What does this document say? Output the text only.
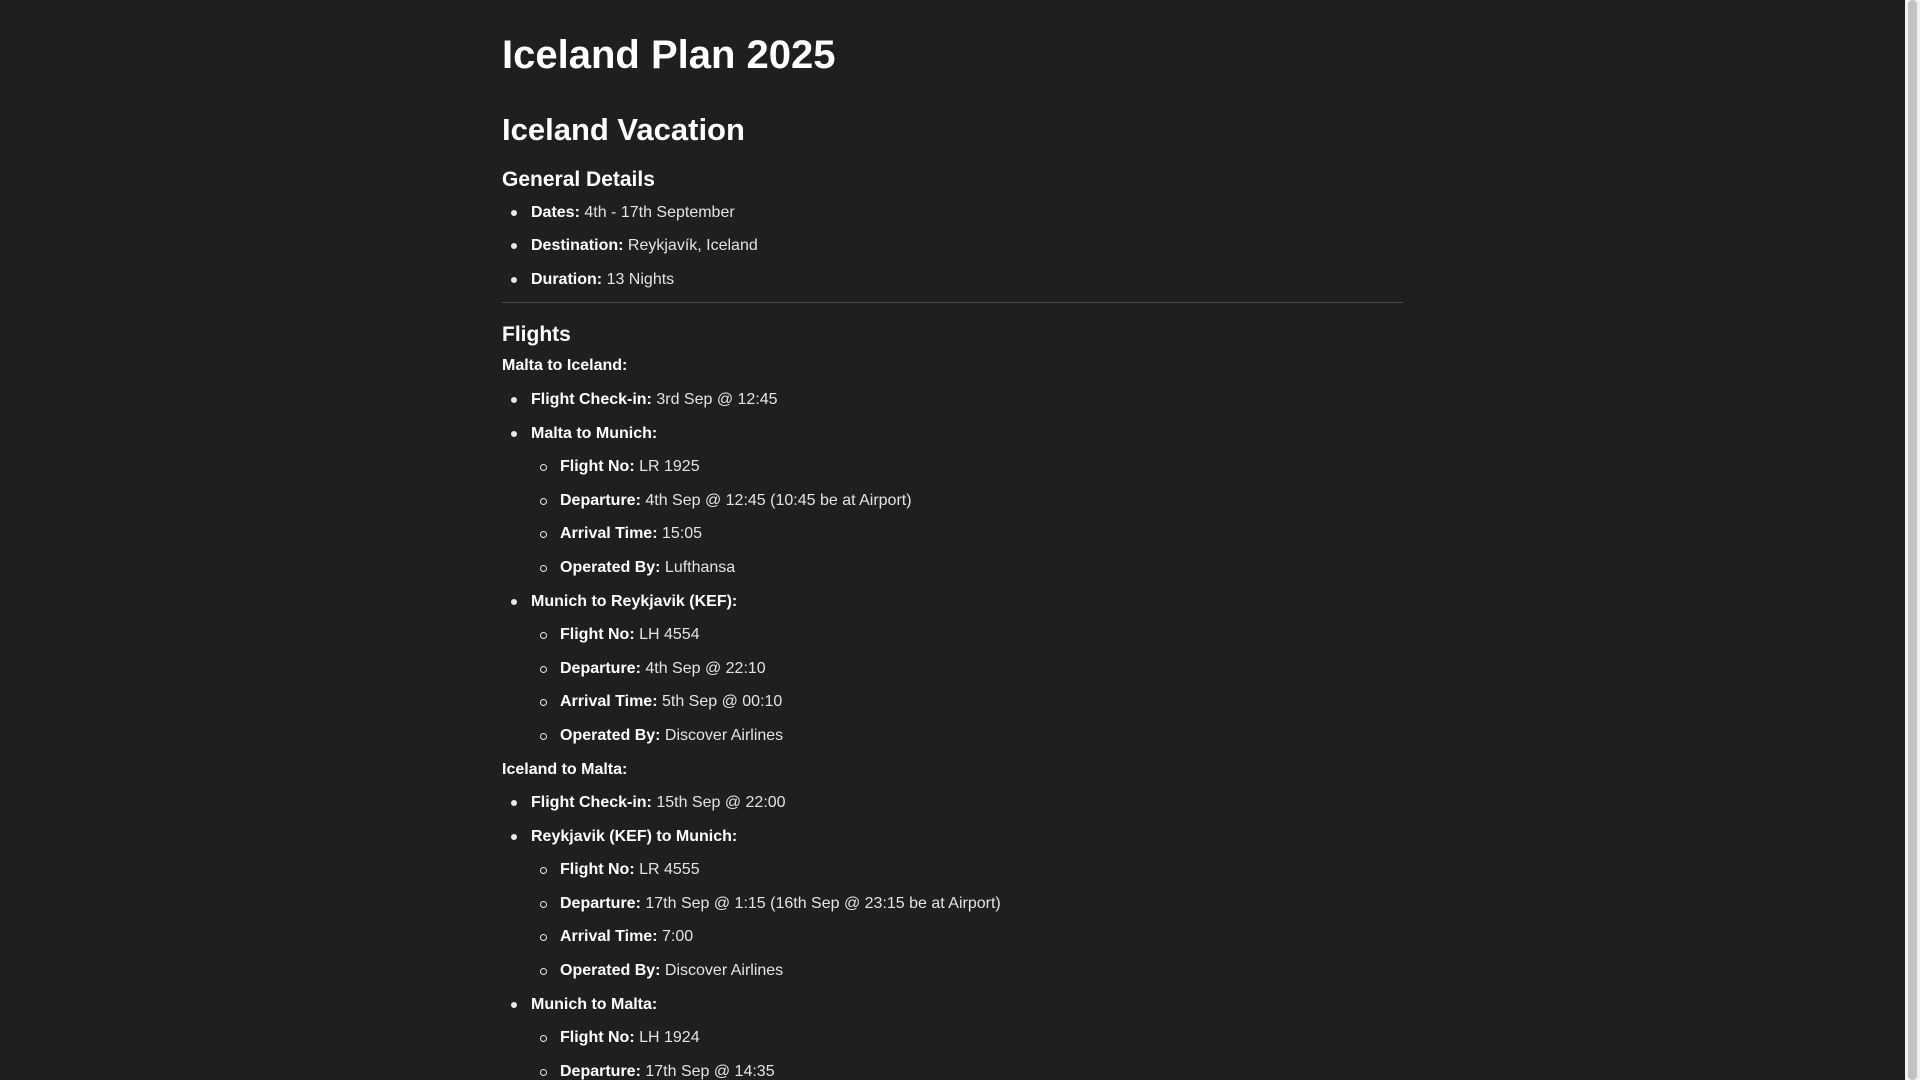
Iceland Plan 2025
Iceland Vacation
General Details
Dates: 4th - 17th September
Destination: Reykjavík, Iceland
Duration: 13 Nights
Flights
Malta to Iceland:
Flight Check-in: 3rd Sep @ 12:45
Malta to Munich:
Flight No: LR 1925
Departure: 4th Sep @ 12:45 (10:45 be at Airport)
Arrival Time: 15:05
Operated By: Lufthansa
Munich to Reykjavik (KEF):
Flight No: LH 4554
Departure: 4th Sep @ 22:10
Arrival Time: 5th Sep @ 00:10
Operated By: Discover Airlines
Iceland to Malta:
Flight Check-in: 15th Sep @ 22:00
Reykjavik (KEF) to Munich:
Flight No: LR 4555
Departure: 17th Sep @ 1:15 (16th Sep @ 23:15 be at Airport)
Arrival Time: 7:00
Operated By: Discover Airlines
Munich to Malta:
Flight No: LH 1924
Departure: 17th Sep @ 14:35
